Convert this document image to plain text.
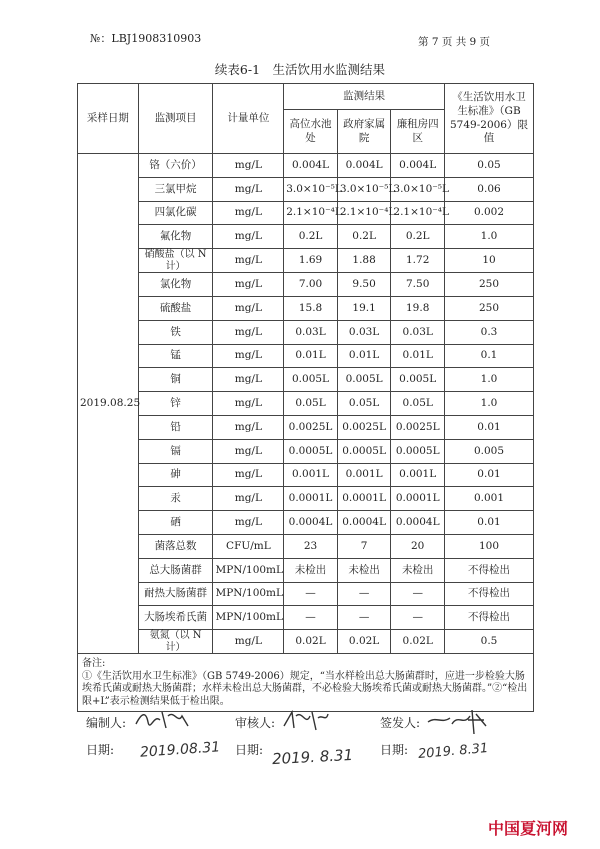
№：LBJ1908310903	第 7 页 共 9 页
续表6-1　生活饮用水监测结果
采样日期	监测项目	计量单位	监测结果			《生活饮用水卫生标准》（GB 5749-2006）限值
			高位水池处	政府家属院	廉租房四区	
2019.08.25	铬（六价）	mg/L	0.004L	0.004L	0.004L	0.05
	三氯甲烷	mg/L	3.0×10⁻⁵L	3.0×10⁻⁵L	3.0×10⁻⁵L	0.06
	四氯化碳	mg/L	2.1×10⁻⁴L	2.1×10⁻⁴L	2.1×10⁻⁴L	0.002
	氟化物	mg/L	0.2L	0.2L	0.2L	1.0
	硝酸盐（以 N 计）	mg/L	1.69	1.88	1.72	10
	氯化物	mg/L	7.00	9.50	7.50	250
	硫酸盐	mg/L	15.8	19.1	19.8	250
	铁	mg/L	0.03L	0.03L	0.03L	0.3
	锰	mg/L	0.01L	0.01L	0.01L	0.1
	铜	mg/L	0.005L	0.005L	0.005L	1.0
	锌	mg/L	0.05L	0.05L	0.05L	1.0
	铅	mg/L	0.0025L	0.0025L	0.0025L	0.01
	镉	mg/L	0.0005L	0.0005L	0.0005L	0.005
	砷	mg/L	0.001L	0.001L	0.001L	0.01
	汞	mg/L	0.0001L	0.0001L	0.0001L	0.001
	硒	mg/L	0.0004L	0.0004L	0.0004L	0.01
	菌落总数	CFU/mL	23	7	20	100
	总大肠菌群	MPN/100mL	未检出	未检出	未检出	不得检出
	耐热大肠菌群	MPN/100mL	—	—	—	不得检出
	大肠埃希氏菌	MPN/100mL	—	—	—	不得检出
	氨氮（以 N 计）	mg/L	0.02L	0.02L	0.02L	0.5

备注:
①《生活饮用水卫生标准》（GB 5749-2006）规定，“当水样检出总大肠菌群时，应进一步检验大肠埃希氏菌或耐热大肠菌群；水样未检出总大肠菌群，不必检验大肠埃希氏菌或耐热大肠菌群。”②“检出限+L”表示检测结果低于检出限。						
编制人:	审核人:	签发人:
日期:	日期:	日期:
2019.08.31	2019. 8.31	2019. 8.31
中国夏河网
